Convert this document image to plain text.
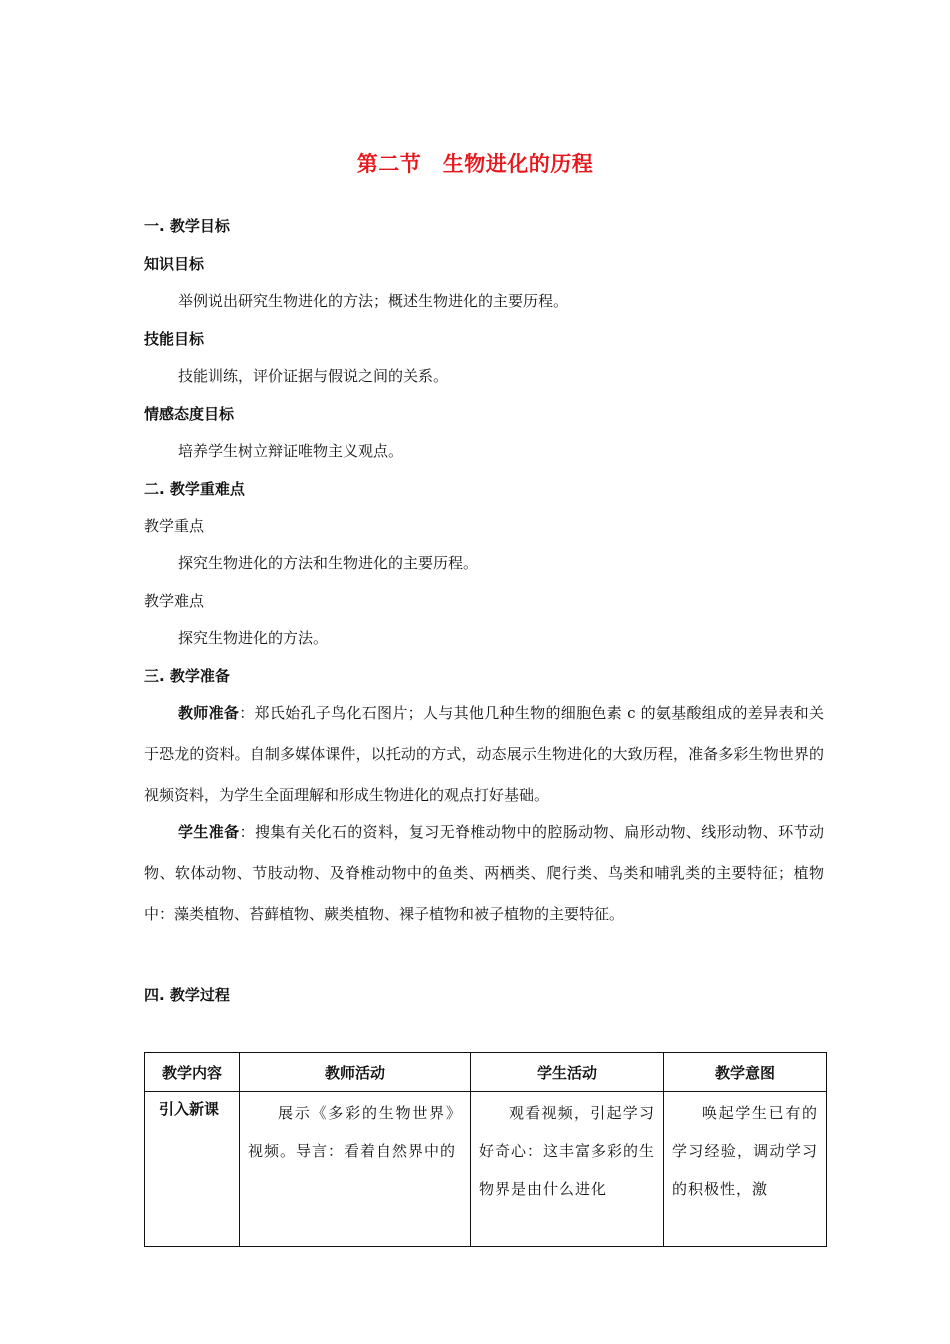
第二节　生物进化的历程
一. 教学目标
知识目标
举例说出研究生物进化的方法；概述生物进化的主要历程。
技能目标
技能训练，评价证据与假说之间的关系。
情感态度目标
培养学生树立辩证唯物主义观点。
二. 教学重难点
教学重点
探究生物进化的方法和生物进化的主要历程。
教学难点
探究生物进化的方法。
三. 教学准备
教师准备：郑氏始孔子鸟化石图片；人与其他几种生物的细胞色素 c 的氨基酸组成的差异表和关于恐龙的资料。自制多媒体课件，以托动的方式，动态展示生物进化的大致历程，准备多彩生物世界的视频资料，为学生全面理解和形成生物进化的观点打好基础。
学生准备：搜集有关化石的资料，复习无脊椎动物中的腔肠动物、扁形动物、线形动物、环节动物、软体动物、节肢动物、及脊椎动物中的鱼类、两栖类、爬行类、鸟类和哺乳类的主要特征；植物中：藻类植物、苔藓植物、蕨类植物、裸子植物和被子植物的主要特征。
四. 教学过程
教学内容	教师活动	学生活动	教学意图

引入新课	展示《多彩的生物世界》视频。导言：看着自然界中的	观看视频，引起学习好奇心：这丰富多彩的生物界是由什么进化	唤起学生已有的学习经验，调动学习的积极性，激
